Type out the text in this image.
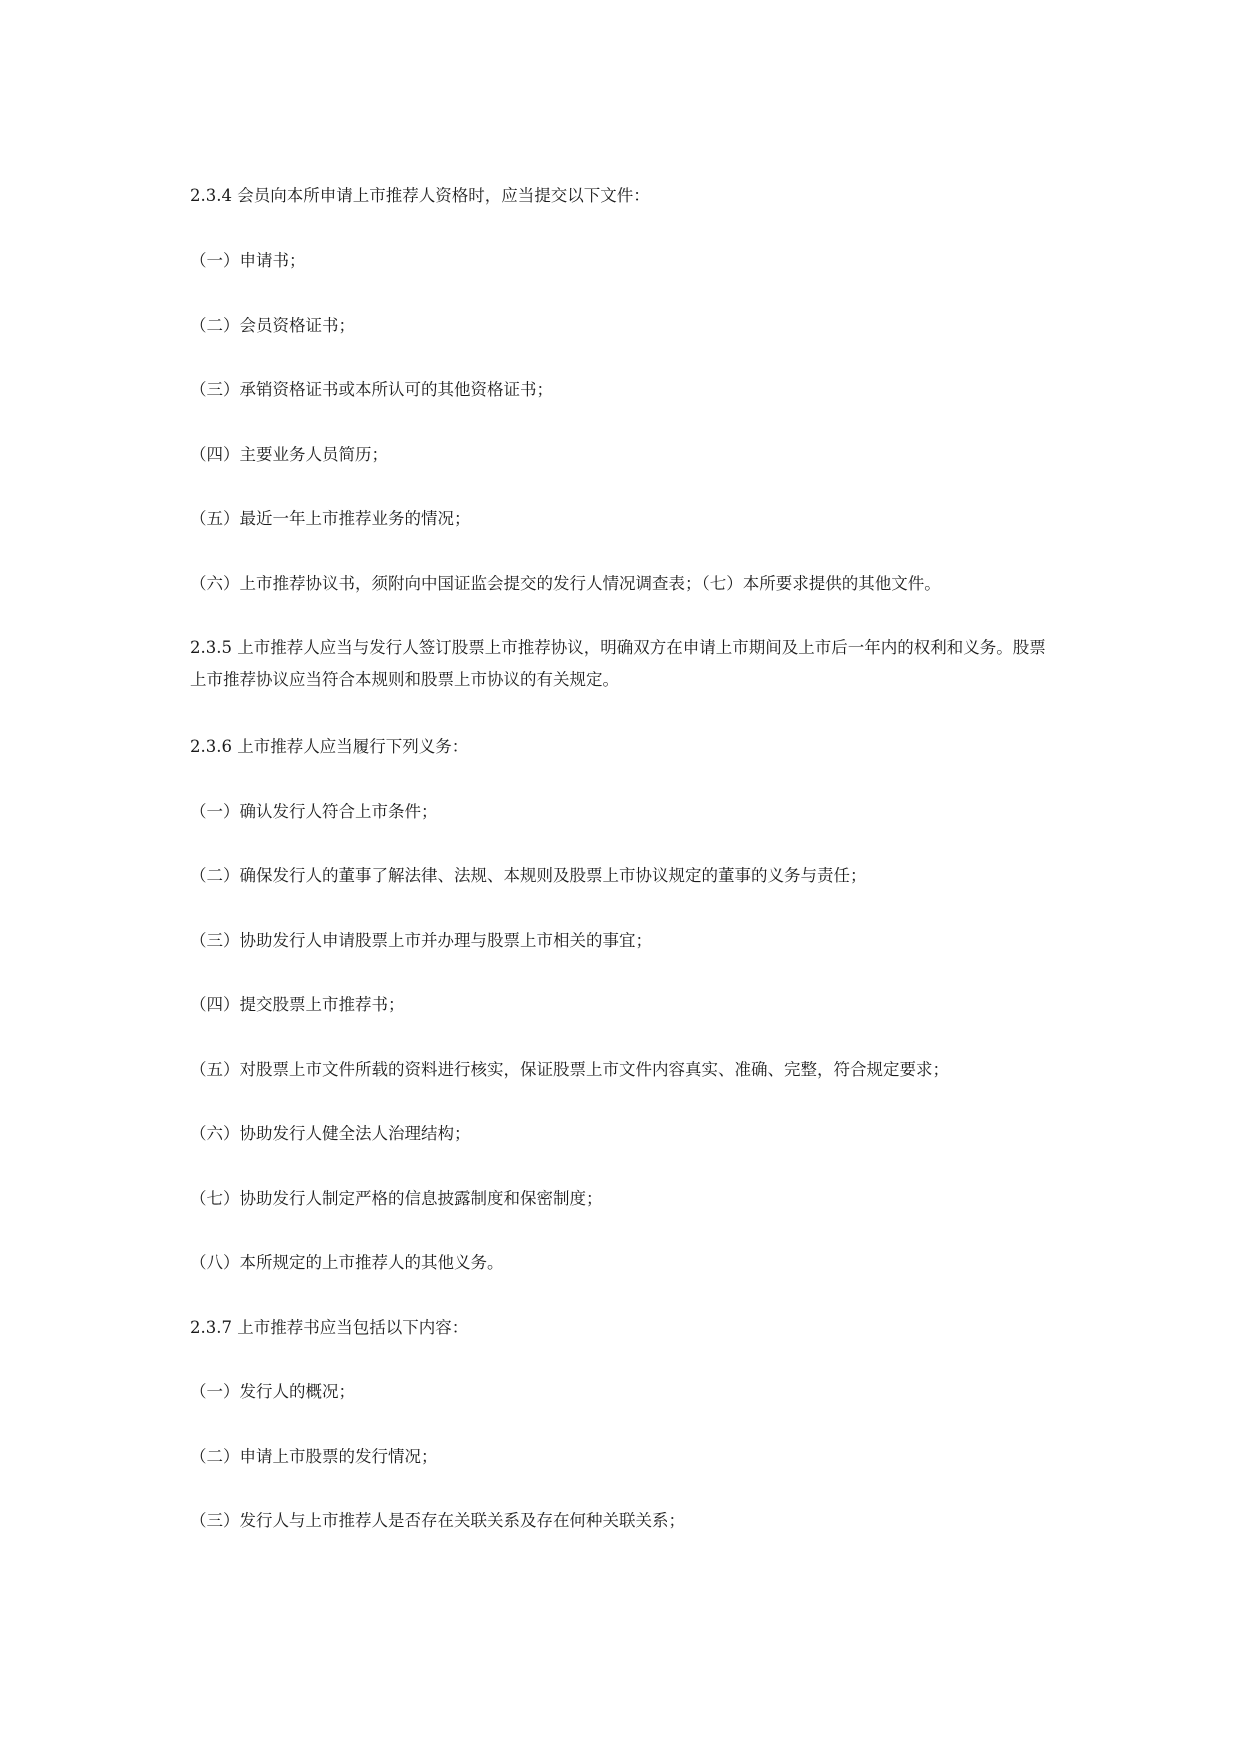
2.3.4 会员向本所申请上市推荐人资格时，应当提交以下文件：

（一）申请书；

（二）会员资格证书；

（三）承销资格证书或本所认可的其他资格证书；

（四）主要业务人员简历；

（五）最近一年上市推荐业务的情况；

（六）上市推荐协议书，须附向中国证监会提交的发行人情况调查表；（七）本所要求提供的其他文件。

2.3.5 上市推荐人应当与发行人签订股票上市推荐协议，明确双方在申请上市期间及上市后一年内的权利和义务。股票上市推荐协议应当符合本规则和股票上市协议的有关规定。

2.3.6 上市推荐人应当履行下列义务：

（一）确认发行人符合上市条件；

（二）确保发行人的董事了解法律、法规、本规则及股票上市协议规定的董事的义务与责任；

（三）协助发行人申请股票上市并办理与股票上市相关的事宜；

（四）提交股票上市推荐书；

（五）对股票上市文件所载的资料进行核实，保证股票上市文件内容真实、准确、完整，符合规定要求；

（六）协助发行人健全法人治理结构；

（七）协助发行人制定严格的信息披露制度和保密制度；

（八）本所规定的上市推荐人的其他义务。

2.3.7 上市推荐书应当包括以下内容：

（一）发行人的概况；

（二）申请上市股票的发行情况；

（三）发行人与上市推荐人是否存在关联关系及存在何种关联关系；
